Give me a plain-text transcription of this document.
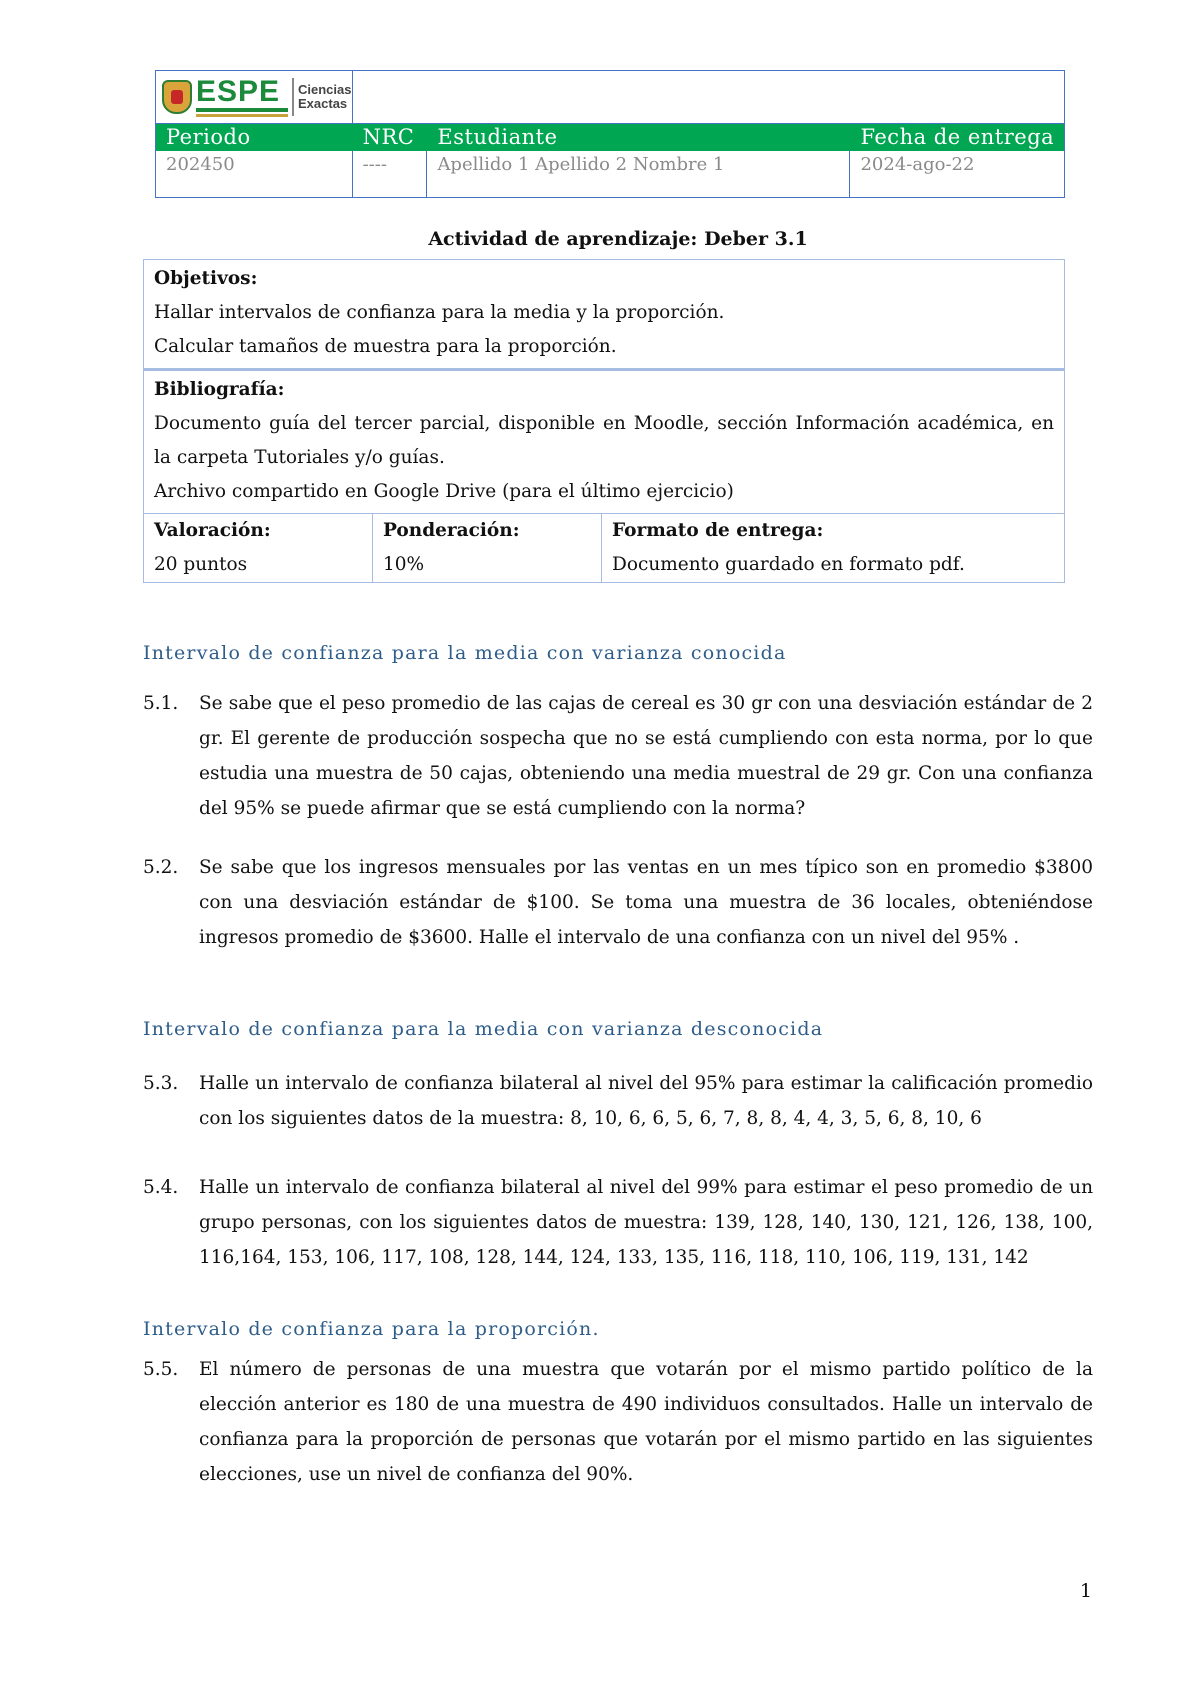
ESPE	Ciencias
Exactas
Periodo	NRC	Estudiante	Fecha de entrega
202450	----	Apellido 1 Apellido 2 Nombre 1	2024-ago-22
Actividad de aprendizaje: Deber 3.1
Objetivos:
Hallar intervalos de confianza para la media y la proporción.
Calcular tamaños de muestra para la proporción.
Bibliografía:
Documento guía del tercer parcial, disponible en Moodle, sección Información académica, en la carpeta Tutoriales y/o guías.
Archivo compartido en Google Drive (para el último ejercicio)
Valoración:
20 puntos
Ponderación:
10%
Formato de entrega:
Documento guardado en formato pdf.
Intervalo de confianza para la media con varianza conocida
5.1.	Se sabe que el peso promedio de las cajas de cereal es 30 gr con una desviación estándar de 2 gr. El gerente de producción sospecha que no se está cumpliendo con esta norma, por lo que estudia una muestra de 50 cajas, obteniendo una media muestral de 29 gr. Con una confianza del 95% se puede afirmar que se está cumpliendo con la norma?
5.2.	Se sabe que los ingresos mensuales por las ventas en un mes típico son en promedio $3800 con una desviación estándar de $100. Se toma una muestra de 36 locales, obteniéndose ingresos promedio de $3600. Halle el intervalo de una confianza con un nivel del 95% .
Intervalo de confianza para la media con varianza desconocida
5.3.	Halle un intervalo de confianza bilateral al nivel del 95% para estimar la calificación promedio con los siguientes datos de la muestra: 8, 10, 6, 6, 5, 6, 7, 8, 8, 4, 4, 3, 5, 6, 8, 10, 6
5.4.	Halle un intervalo de confianza bilateral al nivel del 99% para estimar el peso promedio de un grupo personas, con los siguientes datos de muestra: 139, 128, 140, 130, 121, 126, 138, 100, 116,164, 153, 106, 117, 108, 128, 144, 124, 133, 135, 116, 118, 110, 106, 119, 131, 142
Intervalo de confianza para la proporción.
5.5.	El número de personas de una muestra que votarán por el mismo partido político de la elección anterior es 180 de una muestra de 490 individuos consultados. Halle un intervalo de confianza para la proporción de personas que votarán por el mismo partido en las siguientes elecciones, use un nivel de confianza del 90%.
1
